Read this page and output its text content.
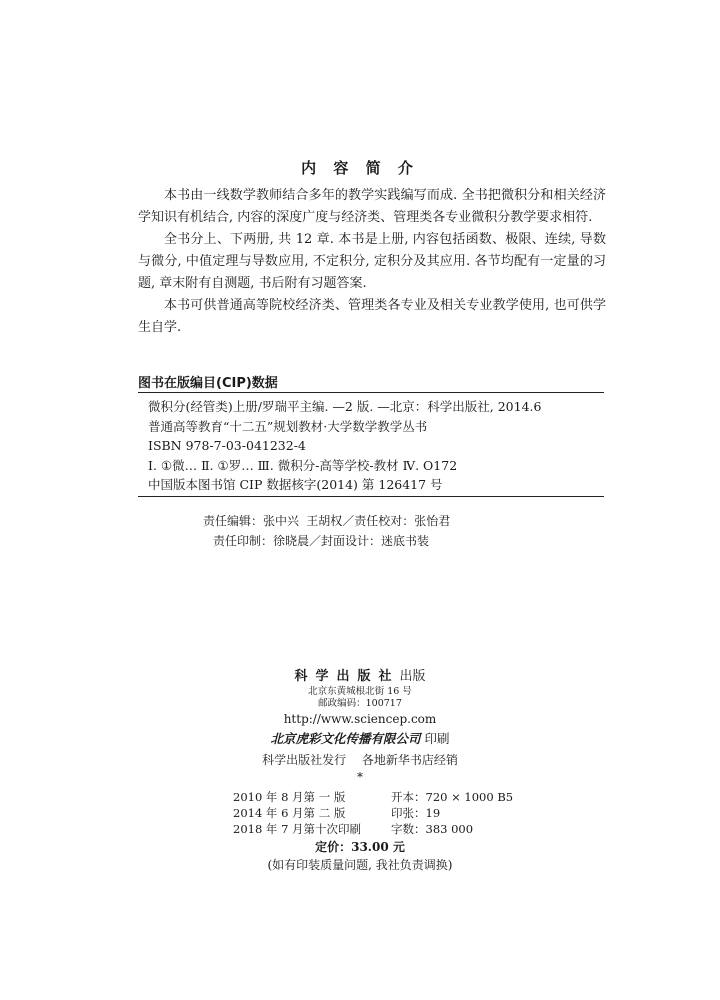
内 容 简 介

本书由一线数学教师结合多年的教学实践编写而成. 全书把微积分和相关经济学知识有机结合, 内容的深度广度与经济类、管理类各专业微积分教学要求相符.

全书分上、下两册, 共 12 章. 本书是上册, 内容包括函数、极限、连续, 导数与微分, 中值定理与导数应用, 不定积分, 定积分及其应用. 各节均配有一定量的习题, 章末附有自测题, 书后附有习题答案.

本书可供普通高等院校经济类、管理类各专业及相关专业教学使用, 也可供学生自学.

图书在版编目(CIP)数据
微积分(经管类)上册/罗瑞平主编. —2 版. —北京：科学出版社, 2014.6
普通高等教育“十二五”规划教材·大学数学教学丛书
ISBN 978-7-03-041232-4
Ⅰ. ①微… Ⅱ. ①罗… Ⅲ. 微积分-高等学校-教材 Ⅳ. O172
中国版本图书馆 CIP 数据核字(2014) 第 126417 号
责任编辑：张中兴 王胡权／责任校对：张怡君
责任印制：徐晓晨／封面设计：迷底书装
科学出版社出版
北京东黄城根北街 16 号
邮政编码：100717
http://www.sciencep.com
北京虎彩文化传播有限公司 印刷
科学出版社发行 各地新华书店经销
*
2010 年 8 月第 一 版	开本：720 × 1000 B5
2014 年 6 月第 二 版	印张：19
2018 年 7 月第十次印刷	字数：383 000
定价：33.00 元
(如有印装质量问题, 我社负责调换)
